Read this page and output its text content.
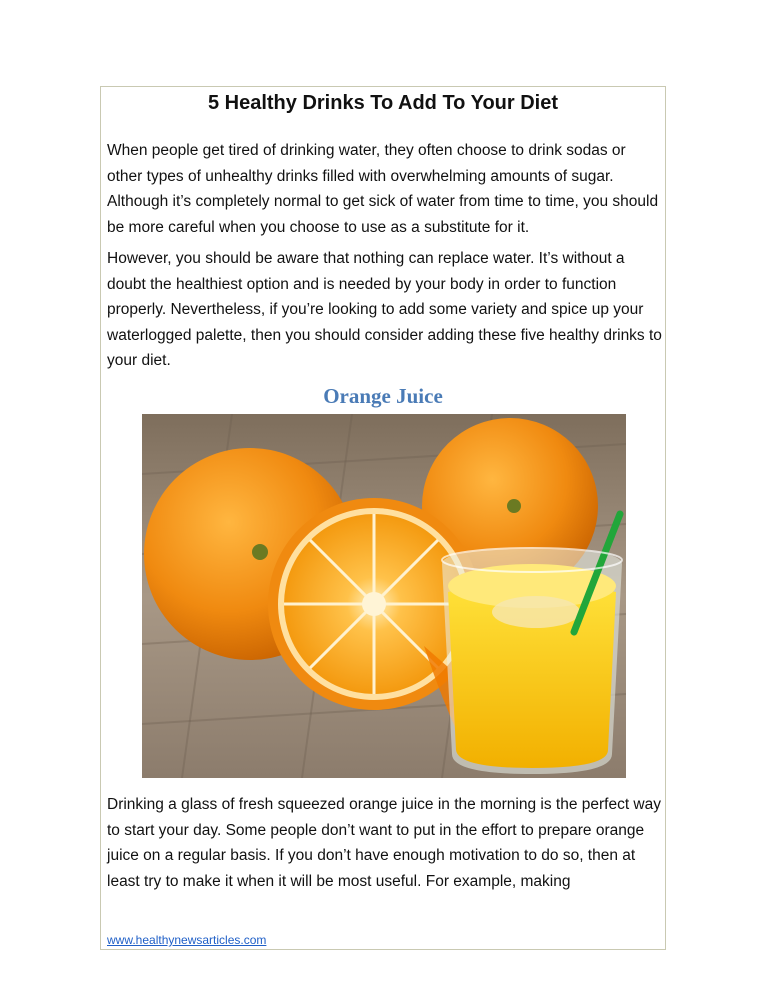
5 Healthy Drinks To Add To Your Diet

When people get tired of drinking water, they often choose to drink sodas or other types of unhealthy drinks filled with overwhelming amounts of sugar. Although it’s completely normal to get sick of water from time to time, you should be more careful when you choose to use as a substitute for it.

However, you should be aware that nothing can replace water. It’s without a doubt the healthiest option and is needed by your body in order to function properly. Nevertheless, if you’re looking to add some variety and spice up your waterlogged palette, then you should consider adding these five healthy drinks to your diet.

Orange Juice

Drinking a glass of fresh squeezed orange juice in the morning is the perfect way to start your day. Some people don’t want to put in the effort to prepare orange juice on a regular basis. If you don’t have enough motivation to do so, then at least try to make it when it will be most useful. For example, making

www.healthynewsarticles.com
